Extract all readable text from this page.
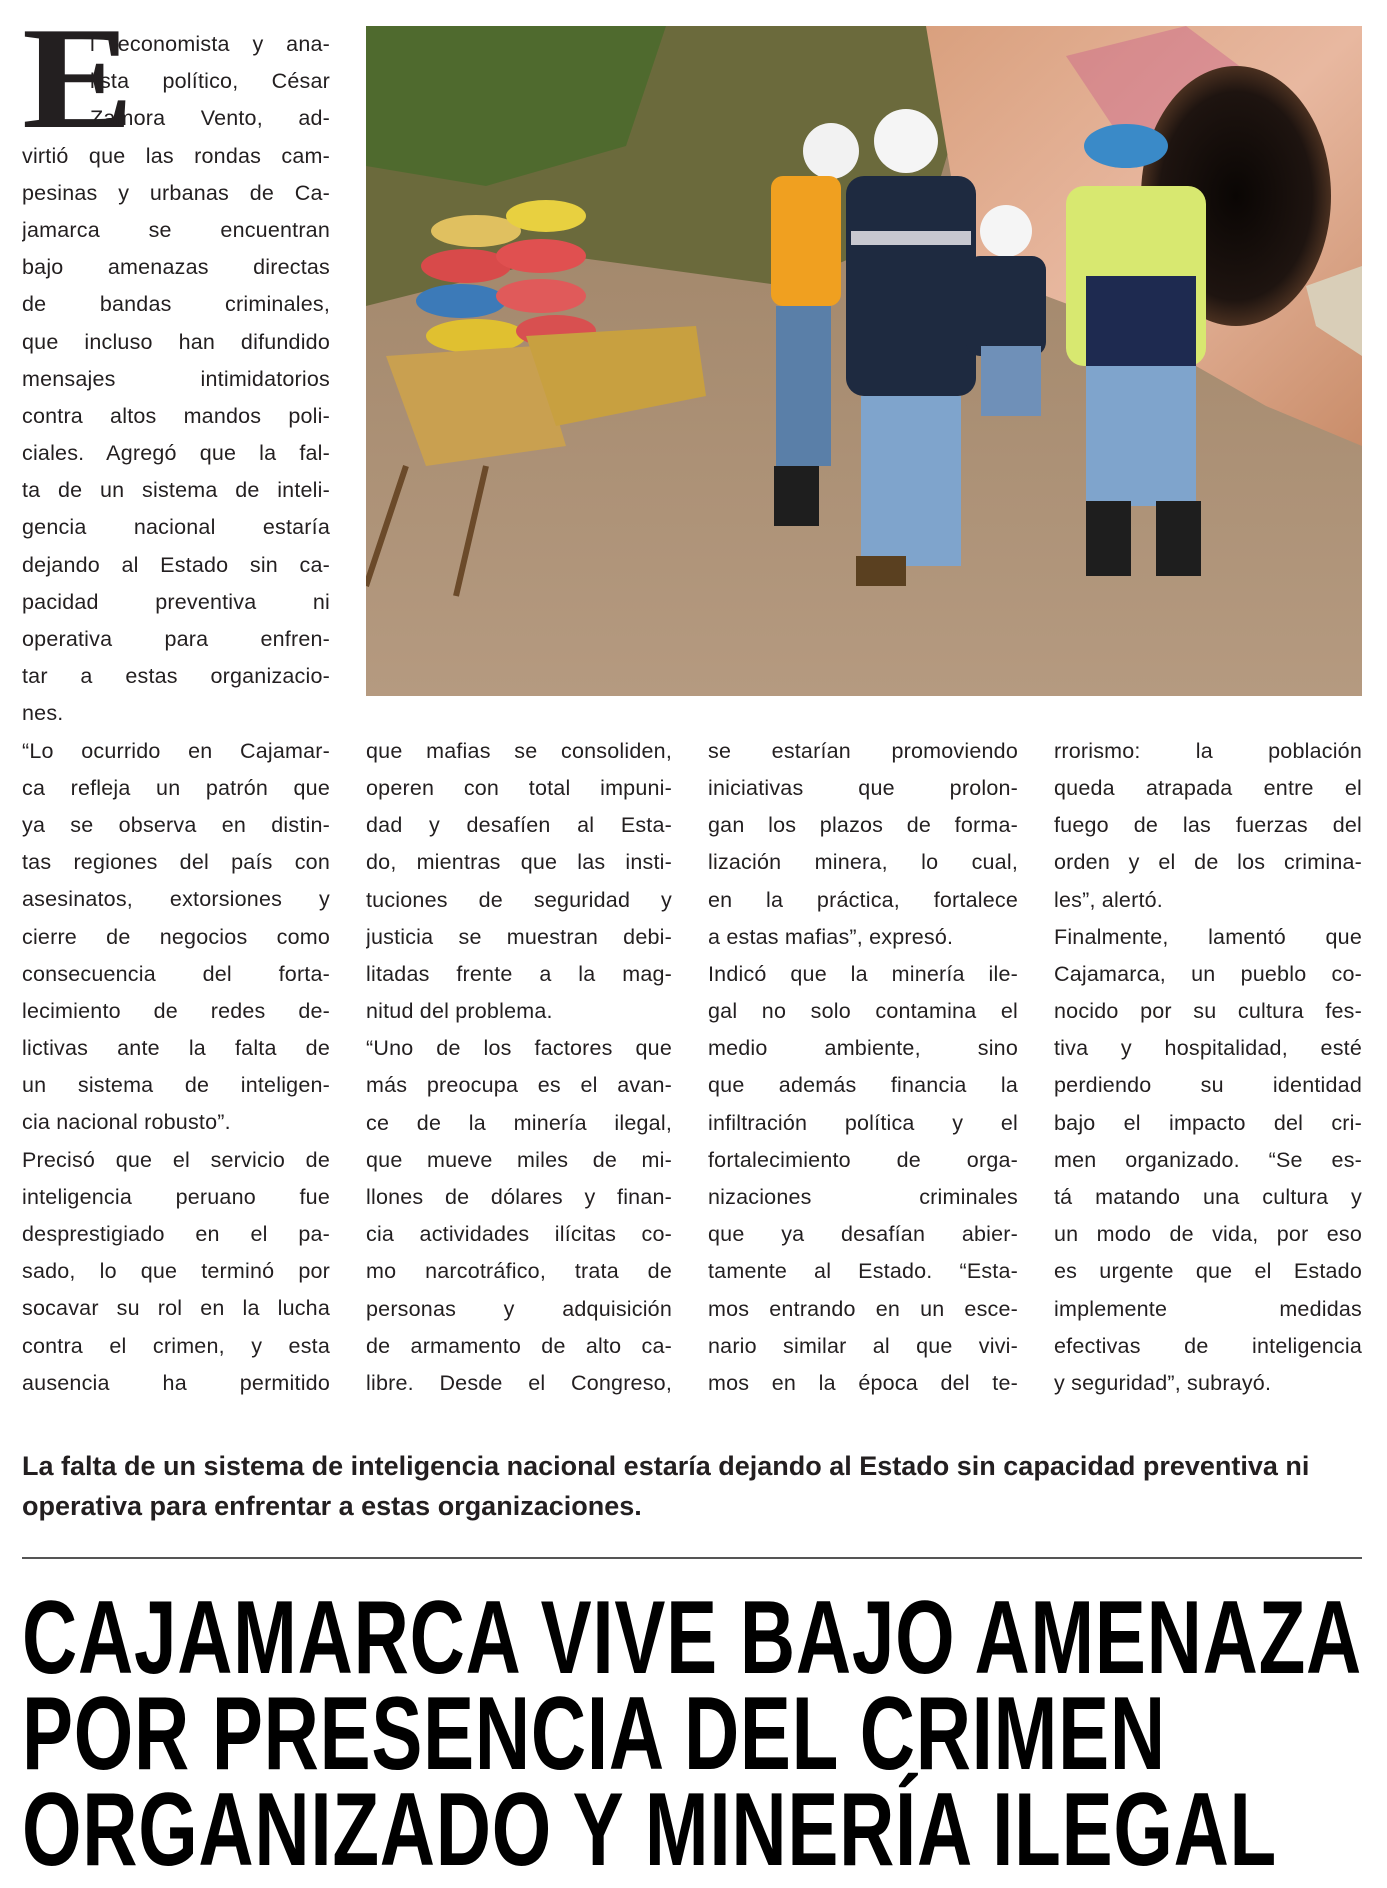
E
l economista y ana-
lista político, César
Zamora Vento, ad-
virtió que las rondas cam-
pesinas y urbanas de Ca-
jamarca se encuentran
bajo amenazas directas
de bandas criminales,
que incluso han difundido
mensajes intimidatorios
contra altos mandos poli-
ciales. Agregó que la fal-
ta de un sistema de inteli-
gencia nacional estaría
dejando al Estado sin ca-
pacidad preventiva ni
operativa para enfren-
tar a estas organizacio-
nes.
“Lo ocurrido en Cajamar-
ca refleja un patrón que
ya se observa en distin-
tas regiones del país con
asesinatos, extorsiones y
cierre de negocios como
consecuencia del forta-
lecimiento de redes de-
lictivas ante la falta de
un sistema de inteligen-
cia nacional robusto”.
Precisó que el servicio de
inteligencia peruano fue
desprestigiado en el pa-
sado, lo que terminó por
socavar su rol en la lucha
contra el crimen, y esta
ausencia ha permitido
que mafias se consoliden,
operen con total impuni-
dad y desafíen al Esta-
do, mientras que las insti-
tuciones de seguridad y
justicia se muestran debi-
litadas frente a la mag-
nitud del problema.
“Uno de los factores que
más preocupa es el avan-
ce de la minería ilegal,
que mueve miles de mi-
llones de dólares y finan-
cia actividades ilícitas co-
mo narcotráfico, trata de
personas y adquisición
de armamento de alto ca-
libre. Desde el Congreso,
se estarían promoviendo
iniciativas que prolon-
gan los plazos de forma-
lización minera, lo cual,
en la práctica, fortalece
a estas mafias”, expresó.
Indicó que la minería ile-
gal no solo contamina el
medio ambiente, sino
que además financia la
infiltración política y el
fortalecimiento de orga-
nizaciones criminales
que ya desafían abier-
tamente al Estado. “Esta-
mos entrando en un esce-
nario similar al que vivi-
mos en la época del te-
rrorismo: la población
queda atrapada entre el
fuego de las fuerzas del
orden y el de los crimina-
les”, alertó.
Finalmente, lamentó que
Cajamarca, un pueblo co-
nocido por su cultura fes-
tiva y hospitalidad, esté
perdiendo su identidad
bajo el impacto del cri-
men organizado. “Se es-
tá matando una cultura y
un modo de vida, por eso
es urgente que el Estado
implemente medidas
efectivas de inteligencia
y seguridad”, subrayó.
La falta de un sistema de inteligencia nacional estaría dejando al Estado sin capacidad preventiva ni operativa para enfrentar a estas organizaciones.
CAJAMARCA VIVE BAJO AMENAZA
POR PRESENCIA DEL CRIMEN
ORGANIZADO Y MINERÍA ILEGAL
